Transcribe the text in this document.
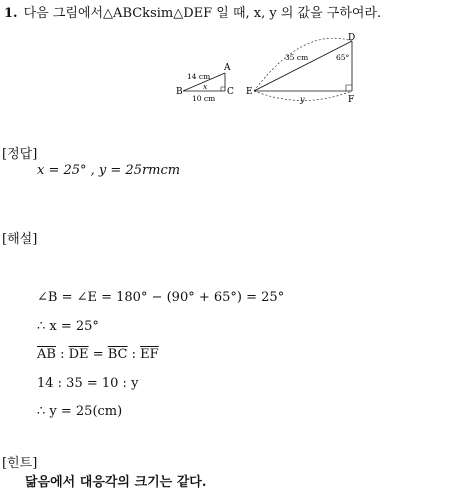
1. 다음 그림에서△ABCksim△DEF 일 때, x, y 의 값을 구하여라.
B	C
A
14 cm
x
10 cm
E
D
F
35 cm	65°
y
[정답]
x = 25° , y = 25rmcm
[해설]
∠B = ∠E = 180° − (90° + 65°) = 25°
∴ x = 25°
$\overline{AB}$ : $\overline{DE} = \overline{BC}$ : $\overline{EF}$
14 : 35 = 10 : y
∴ y = 25(cm)
[힌트]
닮음에서 대응각의 크기는 같다.
